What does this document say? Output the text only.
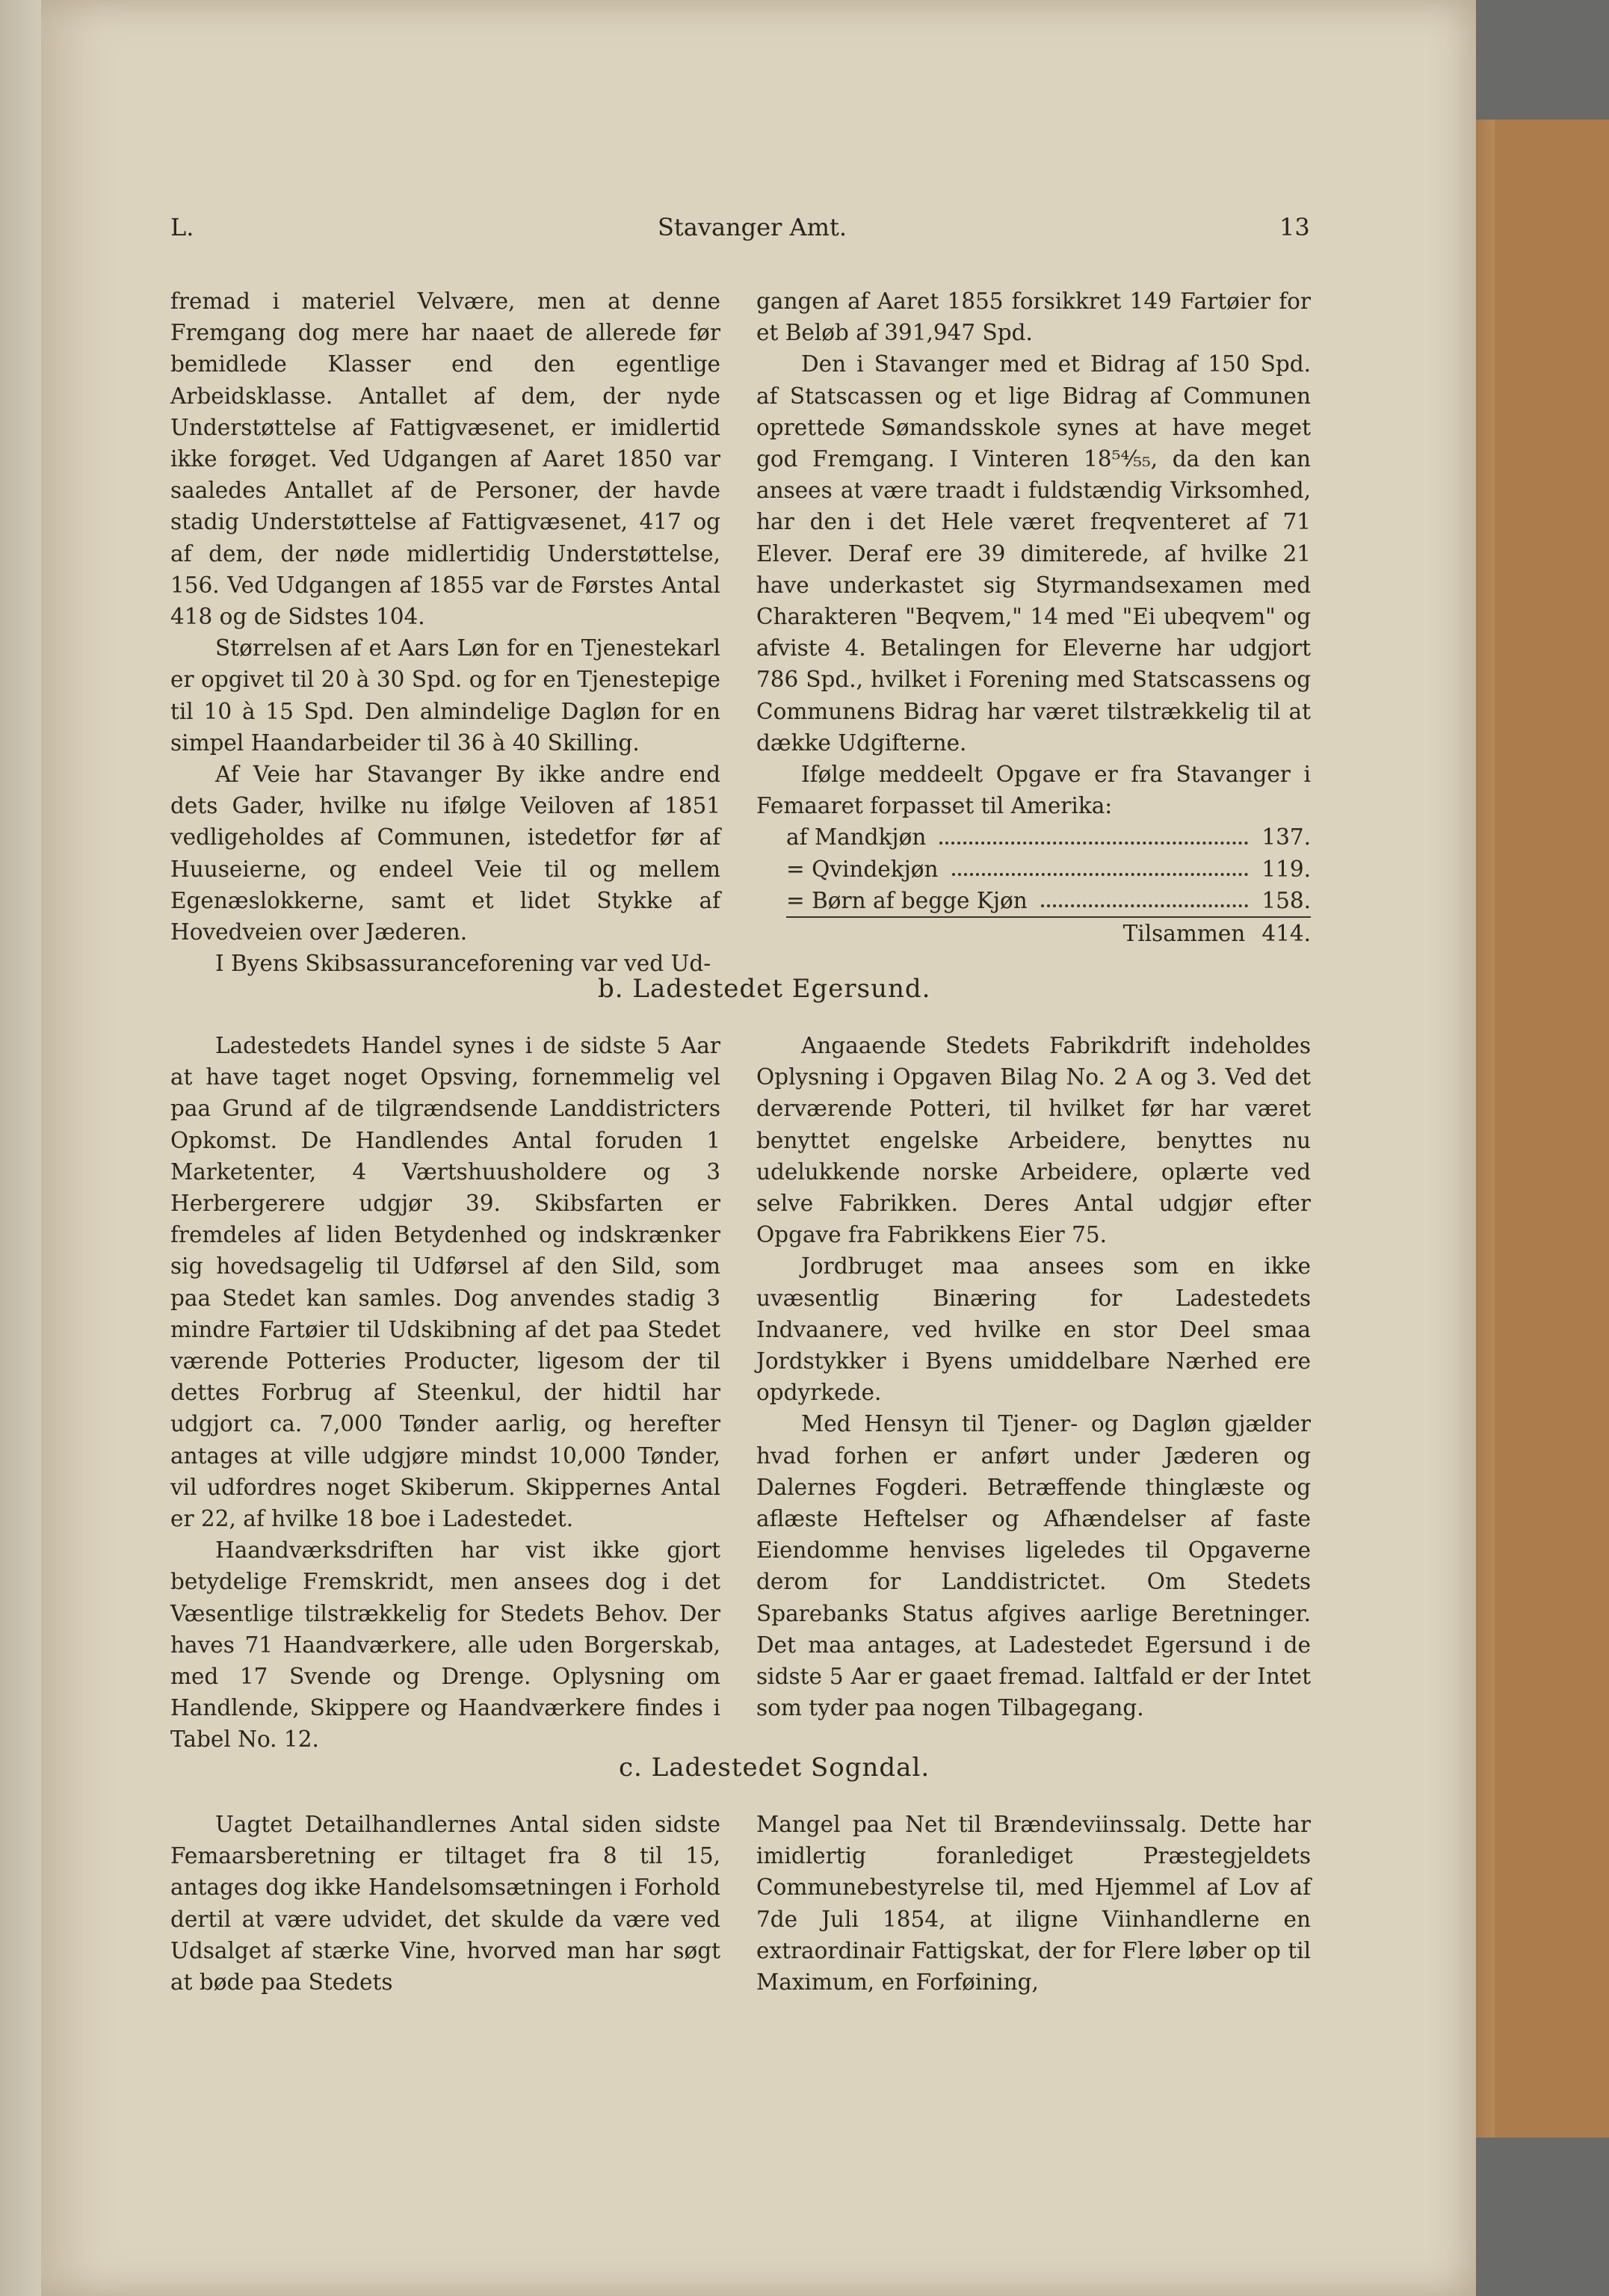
L.	Stavanger Amt.	13

fremad i materiel Velvære, men at denne Fremgang dog mere har naaet de allerede før bemidlede Klasser end den egentlige Arbeidsklasse. Antallet af dem, der nyde Understøttelse af Fattigvæsenet, er imidlertid ikke forøget. Ved Udgangen af Aaret 1850 var saaledes Antallet af de Personer, der havde stadig Understøttelse af Fattigvæsenet, 417 og af dem, der nøde midlertidig Understøttelse, 156. Ved Udgangen af 1855 var de Førstes Antal 418 og de Sidstes 104.

Størrelsen af et Aars Løn for en Tjenestekarl er opgivet til 20 à 30 Spd. og for en Tjenestepige til 10 à 15 Spd. Den almindelige Dagløn for en simpel Haandarbeider til 36 à 40 Skilling.

Af Veie har Stavanger By ikke andre end dets Gader, hvilke nu ifølge Veiloven af 1851 vedligeholdes af Communen, istedetfor før af Huuseierne, og endeel Veie til og mellem Egenæslokkerne, samt et lidet Stykke af Hovedveien over Jæderen.

I Byens Skibsassuranceforening var ved Ud-

gangen af Aaret 1855 forsikkret 149 Fartøier for et Beløb af 391,947 Spd.

Den i Stavanger med et Bidrag af 150 Spd. af Statscassen og et lige Bidrag af Communen oprettede Sømandsskole synes at have meget god Fremgang. I Vinteren 18⁵⁴⁄₅₅, da den kan ansees at være traadt i fuldstændig Virksomhed, har den i det Hele været freqventeret af 71 Elever. Deraf ere 39 dimiterede, af hvilke 21 have underkastet sig Styrmandsexamen med Charakteren "Beqvem," 14 med "Ei ubeqvem" og afviste 4. Betalingen for Eleverne har udgjort 786 Spd., hvilket i Forening med Statscassens og Communens Bidrag har været tilstrækkelig til at dække Udgifterne.

Ifølge meddeelt Opgave er fra Stavanger i Femaaret forpasset til Amerika:

af Mandkjøn	137.
= Qvindekjøn	119.
= Børn af begge Kjøn	158.
Tilsammen 414.
b. Ladestedet Egersund.

Ladestedets Handel synes i de sidste 5 Aar at have taget noget Opsving, fornemmelig vel paa Grund af de tilgrændsende Landdistricters Opkomst. De Handlendes Antal foruden 1 Marketenter, 4 Værtshuusholdere og 3 Herbergerere udgjør 39. Skibsfarten er fremdeles af liden Betydenhed og indskrænker sig hovedsagelig til Udførsel af den Sild, som paa Stedet kan samles. Dog anvendes stadig 3 mindre Fartøier til Udskibning af det paa Stedet værende Potteries Producter, ligesom der til dettes Forbrug af Steenkul, der hidtil har udgjort ca. 7,000 Tønder aarlig, og herefter antages at ville udgjøre mindst 10,000 Tønder, vil udfordres noget Skiberum. Skippernes Antal er 22, af hvilke 18 boe i Ladestedet.

Haandværksdriften har vist ikke gjort betydelige Fremskridt, men ansees dog i det Væsentlige tilstrækkelig for Stedets Behov. Der haves 71 Haandværkere, alle uden Borgerskab, med 17 Svende og Drenge. Oplysning om Handlende, Skippere og Haandværkere findes i Tabel No. 12.

Angaaende Stedets Fabrikdrift indeholdes Oplysning i Opgaven Bilag No. 2 A og 3. Ved det derværende Potteri, til hvilket før har været benyttet engelske Arbeidere, benyttes nu udelukkende norske Arbeidere, oplærte ved selve Fabrikken. Deres Antal udgjør efter Opgave fra Fabrikkens Eier 75.

Jordbruget maa ansees som en ikke uvæsentlig Binæring for Ladestedets Indvaanere, ved hvilke en stor Deel smaa Jordstykker i Byens umiddelbare Nærhed ere opdyrkede.

Med Hensyn til Tjener- og Dagløn gjælder hvad forhen er anført under Jæderen og Dalernes Fogderi. Betræffende thinglæste og aflæste Heftelser og Afhændelser af faste Eiendomme henvises ligeledes til Opgaverne derom for Landdistrictet. Om Stedets Sparebanks Status afgives aarlige Beretninger. Det maa antages, at Ladestedet Egersund i de sidste 5 Aar er gaaet fremad. Ialtfald er der Intet som tyder paa nogen Tilbagegang.

c. Ladestedet Sogndal.

Uagtet Detailhandlernes Antal siden sidste Femaarsberetning er tiltaget fra 8 til 15, antages dog ikke Handelsomsætningen i Forhold dertil at være udvidet, det skulde da være ved Udsalget af stærke Vine, hvorved man har søgt at bøde paa Stedets

Mangel paa Net til Brændeviinssalg. Dette har imidlertig foranlediget Præstegjeldets Communebestyrelse til, med Hjemmel af Lov af 7de Juli 1854, at iligne Viinhandlerne en extraordinair Fattigskat, der for Flere løber op til Maximum, en Forføining,
